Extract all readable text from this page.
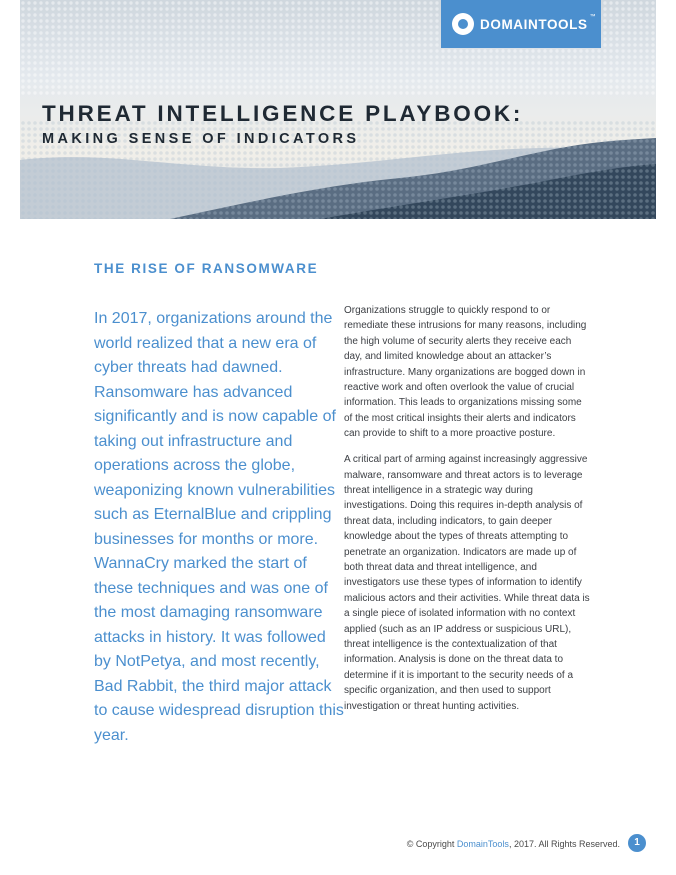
DOMAINTOOLS ™
THREAT INTELLIGENCE PLAYBOOK:
MAKING SENSE OF INDICATORS
THE RISE OF RANSOMWARE

In 2017, organizations around the world realized that a new era of cyber threats had dawned. Ransomware has advanced significantly and is now capable of taking out infrastructure and operations across the globe, weaponizing known vulnerabilities such as EternalBlue and crippling businesses for months or more. WannaCry marked the start of these techniques and was one of the most damaging ransomware attacks in history. It was followed by NotPetya, and most recently, Bad Rabbit, the third major attack to cause widespread disruption this year.

Organizations struggle to quickly respond to or remediate these intrusions for many reasons, including the high volume of security alerts they receive each day, and limited knowledge about an attacker’s infrastructure. Many organizations are bogged down in reactive work and often overlook the value of crucial information. This leads to organizations missing some of the most critical insights their alerts and indicators can provide to shift to a more proactive posture.

A critical part of arming against increasingly aggressive malware, ransomware and threat actors is to leverage threat intelligence in a strategic way during investigations. Doing this requires in-depth analysis of threat data, including indicators, to gain deeper knowledge about the types of threats attempting to penetrate an organization. Indicators are made up of both threat data and threat intelligence, and investigators use these types of information to identify malicious actors and their activities. While threat data is a single piece of isolated information with no context applied (such as an IP address or suspicious URL), threat intelligence is the contextualization of that information. Analysis is done on the threat data to determine if it is important to the security needs of a specific organization, and then used to support investigation or threat hunting activities.

© Copyright DomainTools, 2017. All Rights Reserved.	1
